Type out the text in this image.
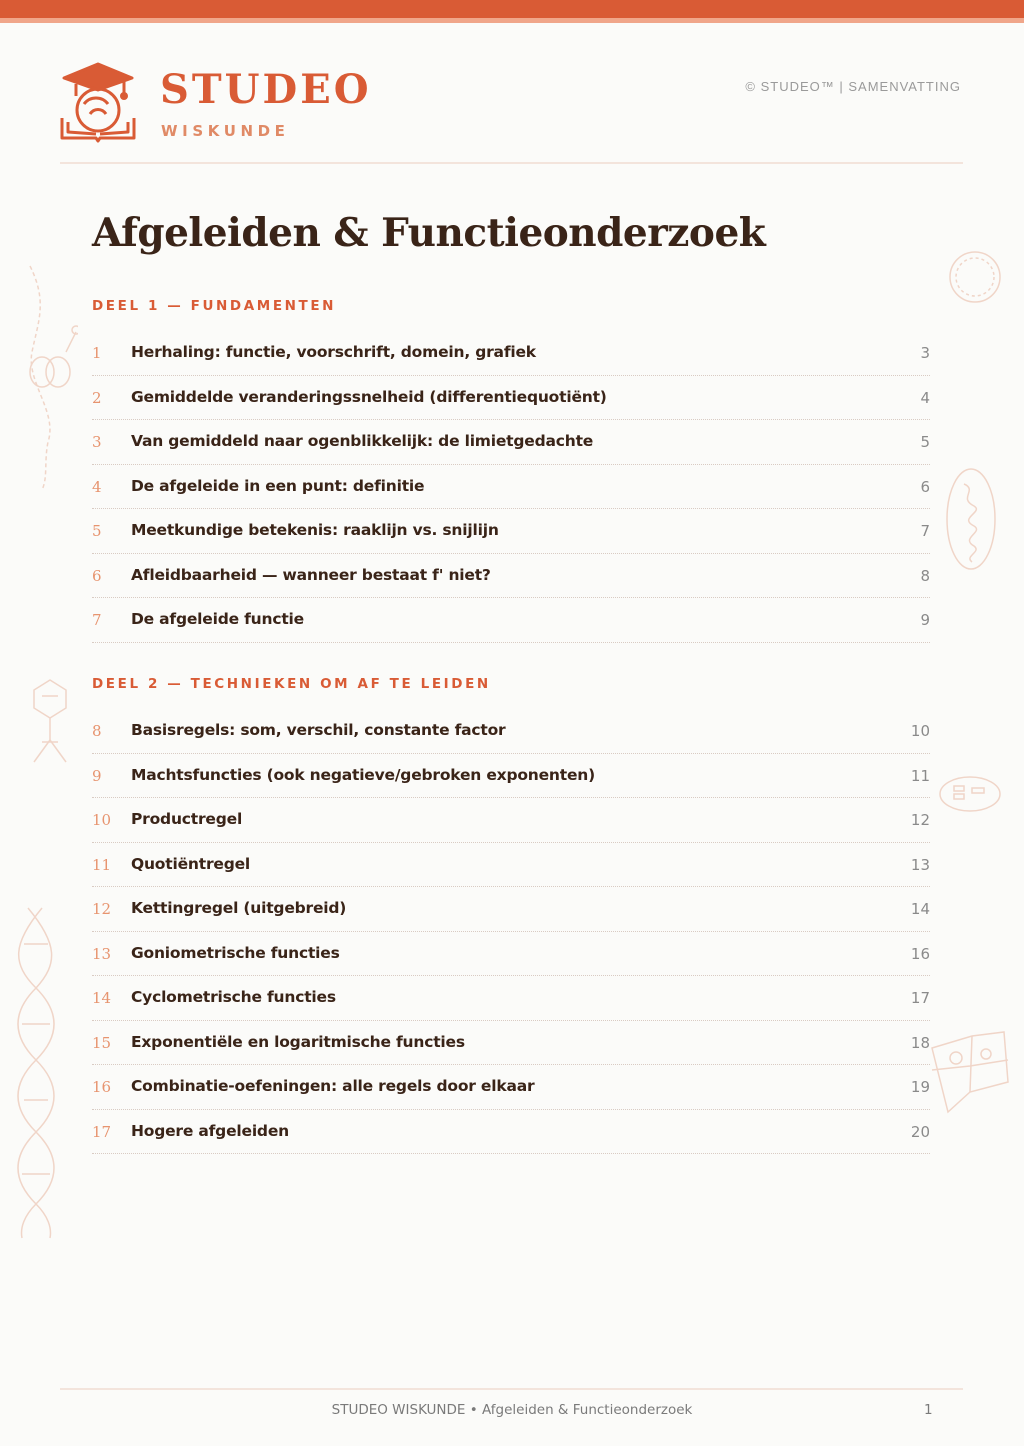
STUDEO
WISKUNDE
© STUDEO™ | SAMENVATTING
Afgeleiden & Functieonderzoek
DEEL 1 — FUNDAMENTEN
1 Herhaling: functie, voorschrift, domein, grafiek	3
2 Gemiddelde veranderingssnelheid (differentiequotiënt)	4
3 Van gemiddeld naar ogenblikkelijk: de limietgedachte	5
4 De afgeleide in een punt: definitie	6
5 Meetkundige betekenis: raaklijn vs. snijlijn	7
6 Afleidbaarheid — wanneer bestaat f' niet?	8
7 De afgeleide functie	9
DEEL 2 — TECHNIEKEN OM AF TE LEIDEN
8 Basisregels: som, verschil, constante factor	10
9 Machtsfuncties (ook negatieve/gebroken exponenten)	11
10 Productregel	12
11 Quotiëntregel	13
12 Kettingregel (uitgebreid)	14
13 Goniometrische functies	16
14 Cyclometrische functies	17
15 Exponentiële en logaritmische functies	18
16 Combinatie-oefeningen: alle regels door elkaar	19
17 Hogere afgeleiden	20
STUDEO WISKUNDE • Afgeleiden & Functieonderzoek	1
